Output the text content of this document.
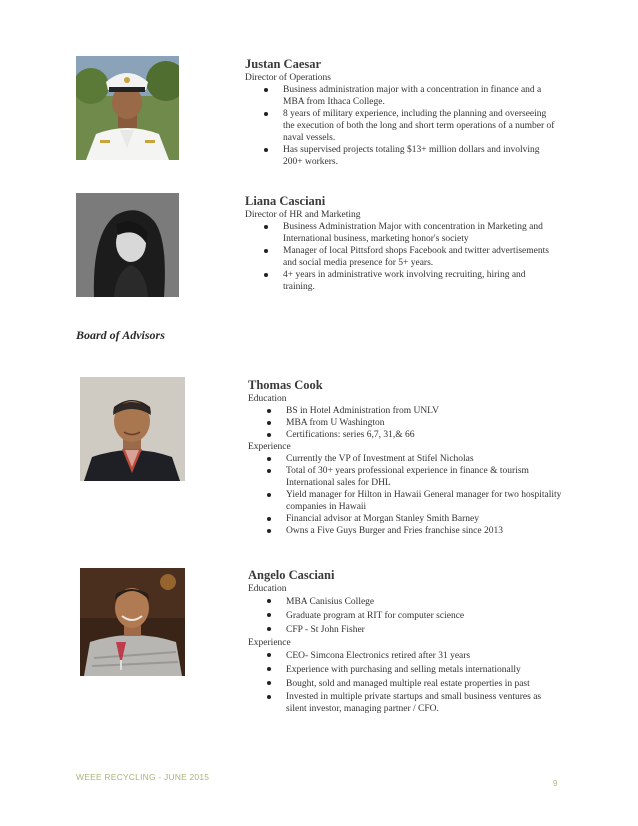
Justan Caesar
Director of Operations
Business administration major with a concentration in finance and a MBA from Ithaca College.
8 years of military experience, including the planning and overseeing the execution of both the long and short term operations of a number of naval vessels.
Has supervised projects totaling $13+ million dollars and involving 200+ workers.
Liana Casciani
Director of HR and Marketing
Business Administration Major with concentration in Marketing and International business, marketing honor's society
Manager of local Pittsford shops Facebook and twitter advertisements and social media presence for 5+ years.
4+ years in administrative work involving recruiting, hiring and training.
Board of Advisors
Thomas Cook
Education
BS in Hotel Administration from UNLV
MBA from U Washington
Certifications: series 6,7, 31,& 66
Experience
Currently the VP of Investment at Stifel Nicholas
Total of 30+ years professional experience in finance & tourism International sales for DHL
Yield manager for Hilton in Hawaii General manager for two hospitality companies in Hawaii
Financial advisor at Morgan Stanley Smith Barney
Owns a Five Guys Burger and Fries franchise since 2013
Angelo Casciani
Education
MBA Canisius College
Graduate program at RIT for computer science
CFP - St John Fisher
Experience
CEO- Simcona Electronics retired after 31 years
Experience with purchasing and selling metals internationally
Bought, sold and managed multiple real estate properties in past
Invested in multiple private startups and small business ventures as silent investor, managing partner / CFO.
WEEE RECYCLING - JUNE 2015
9
